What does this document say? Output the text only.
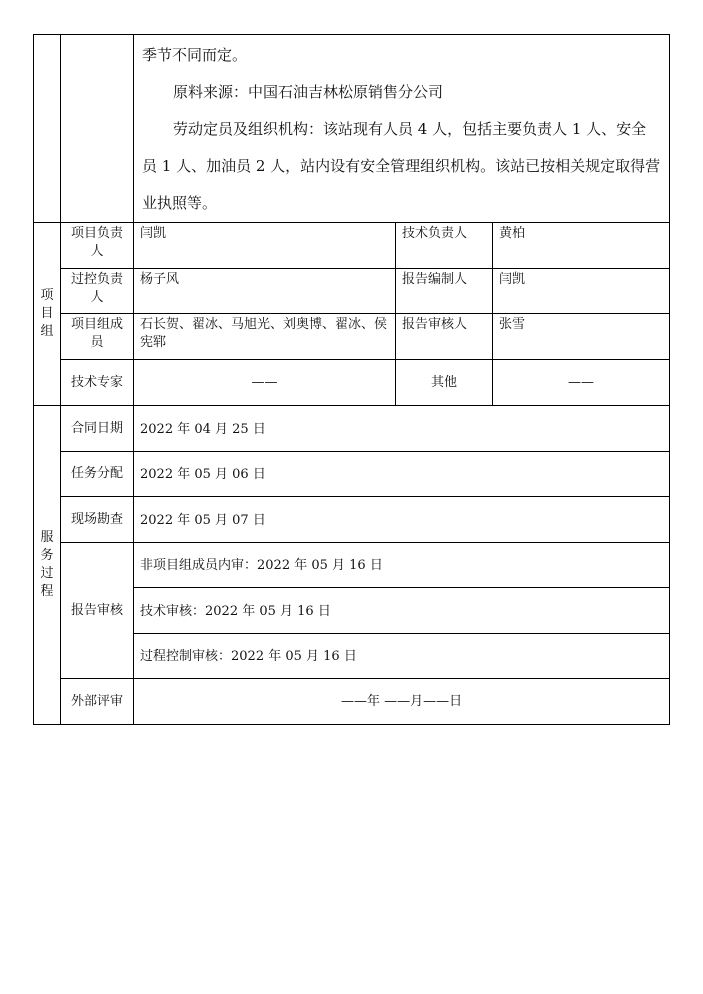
		季节不同而定。

原料来源：中国石油吉林松原销售分公司

劳动定员及组织机构：该站现有人员 4 人，包括主要负责人 1 人、安全员 1 人、加油员 2 人，站内设有安全管理组织机构。该站已按相关规定取得营业执照等。		

项目组	项目负责人	闫凯	技术负责人	黄柏
	过控负责人	杨子风	报告编制人	闫凯
	项目组成员	石长贺、翟冰、马旭光、刘奥博、翟冰、侯宪郓	报告审核人	张雪
	技术专家	——	其他	——
服务过程	合同日期	2022 年 04 月 25 日		
	任务分配	2022 年 05 月 06 日		
	现场勘查	2022 年 05 月 07 日		
	报告审核	非项目组成员内审：2022 年 05 月 16 日		
		技术审核：2022 年 05 月 16 日		
		过程控制审核：2022 年 05 月 16 日		
	外部评审	——年 ——月——日		
